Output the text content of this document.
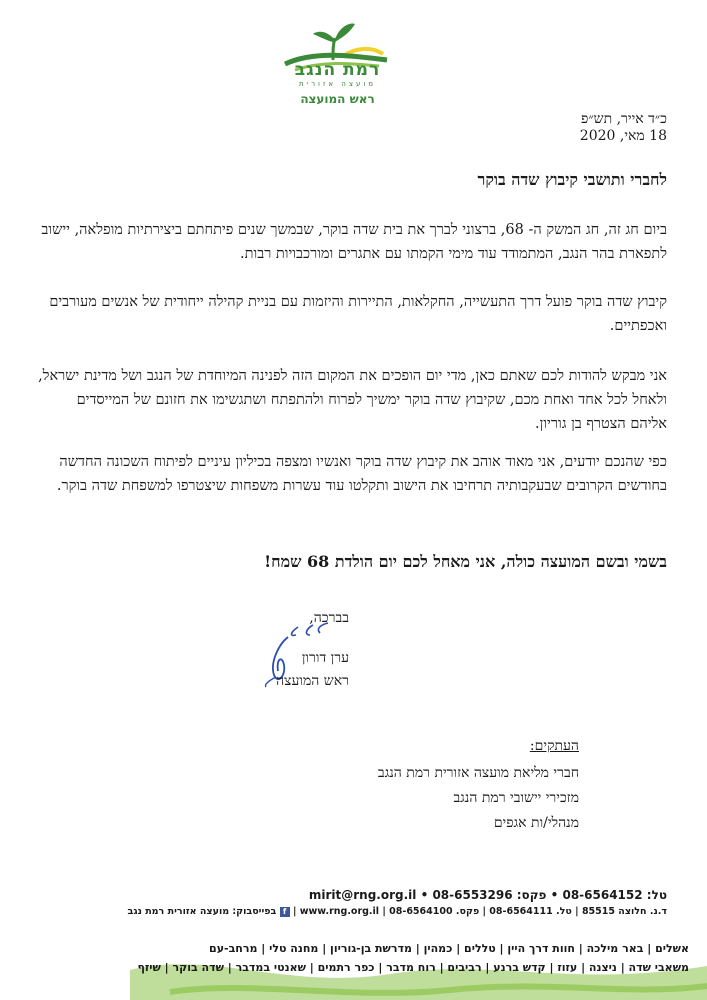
רמת הנגב
מועצה אזורית
ראש המועצה
כ״ד אייר, תש״פ
18 מאי, 2020
לחברי ותושבי קיבוץ שדה בוקר
ביום חג זה, חג המשק ה- 68, ברצוני לברך את בית שדה בוקר, שבמשך שנים פיתחתם ביצירתיות מופלאה, יישוב לתפארת בהר הנגב, המתמודד עוד מימי הקמתו עם אתגרים ומורכבויות רבות.
קיבוץ שדה בוקר פועל דרך התעשייה, החקלאות, התיירות והיזמות עם בניית קהילה ייחודית של אנשים מעורבים ואכפתיים.
אני מבקש להודות לכם שאתם כאן, מדי יום הופכים את המקום הזה לפנינה המיוחדת של הנגב ושל מדינת ישראל, ולאחל לכל אחד ואחת מכם, שקיבוץ שדה בוקר ימשיך לפרוח ולהתפתח ושתגשימו את חזונם של המייסדים אליהם הצטרף בן גוריון.
כפי שהנכם יודעים, אני מאוד אוהב את קיבוץ שדה בוקר ואנשיו ומצפה בכיליון עיניים לפיתוח השכונה החדשה בחודשים הקרובים שבעקבותיה תרחיבו את הישוב ותקלטו עוד עשרות משפחות שיצטרפו למשפחת שדה בוקר.
בשמי ובשם המועצה כולה, אני מאחל לכם יום הולדת 68 שמח!
בברכה,
ערן דורון
ראש המועצה
העתקים:
חברי מליאת מועצה אזורית רמת הנגב
מזכירי יישובי רמת הנגב
מנהלי/ות אגפים
טל: 08-6564152 • פקס: 08-6553296 • mirit@rng.org.il
ד.נ. חלוצה 85515 | טל. 08-6564111 | פקס. 08-6564100 | www.rng.org.il | f בפייסבוק: מועצה אזורית רמת נגב
אשלים | באר מילכה | חוות דרך היין | טללים | כמהין | מדרשת בן-גוריון | מחנה טלי | מרחב-עם
משאבי שדה | ניצנה | עזוז | קדש ברנע | רביבים | רוח מדבר | כפר רתמים | שאנטי במדבר | שדה בוקר | שיזף
